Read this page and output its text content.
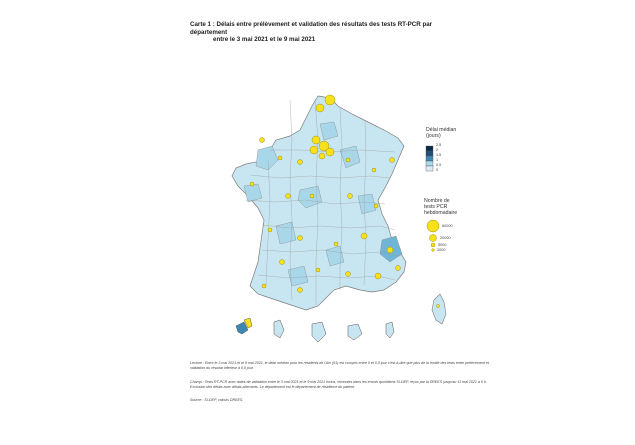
Carte 1 : Délais entre prélèvement et validation des résultats des tests RT-PCR par département
entre le 3 mai 2021 et le 9 mai 2021
Délai médian
(jours)
2.5
2
1.5
1
0.5
0
Nombre de
tests PCR
hebdomadaire
60000
20000
5000
2000
Lecture : Entre le 3 mai 2021 et le 9 mai 2021, le délai médian pour les résidents de l'Ain (01) est compris entre 0 et 0,5 jour c'est-à-dire que plus de la moitié des tests entre prélèvement et validation du résultat inférieur à 0,5 jour.
Champ : Tests RT-PCR avec dates de validation entre le 3 mai 2021 et le 9 mai 2021 inclus, remontés dans les envois quotidiens SI-DEP, reçus par la DREES jusqu'au 11 mai 2021 à 5 h. Exclusion des délais avec délais aberrants. Le département est le département de résidence du patient.
Source : SI-DEP, calculs DREES.
